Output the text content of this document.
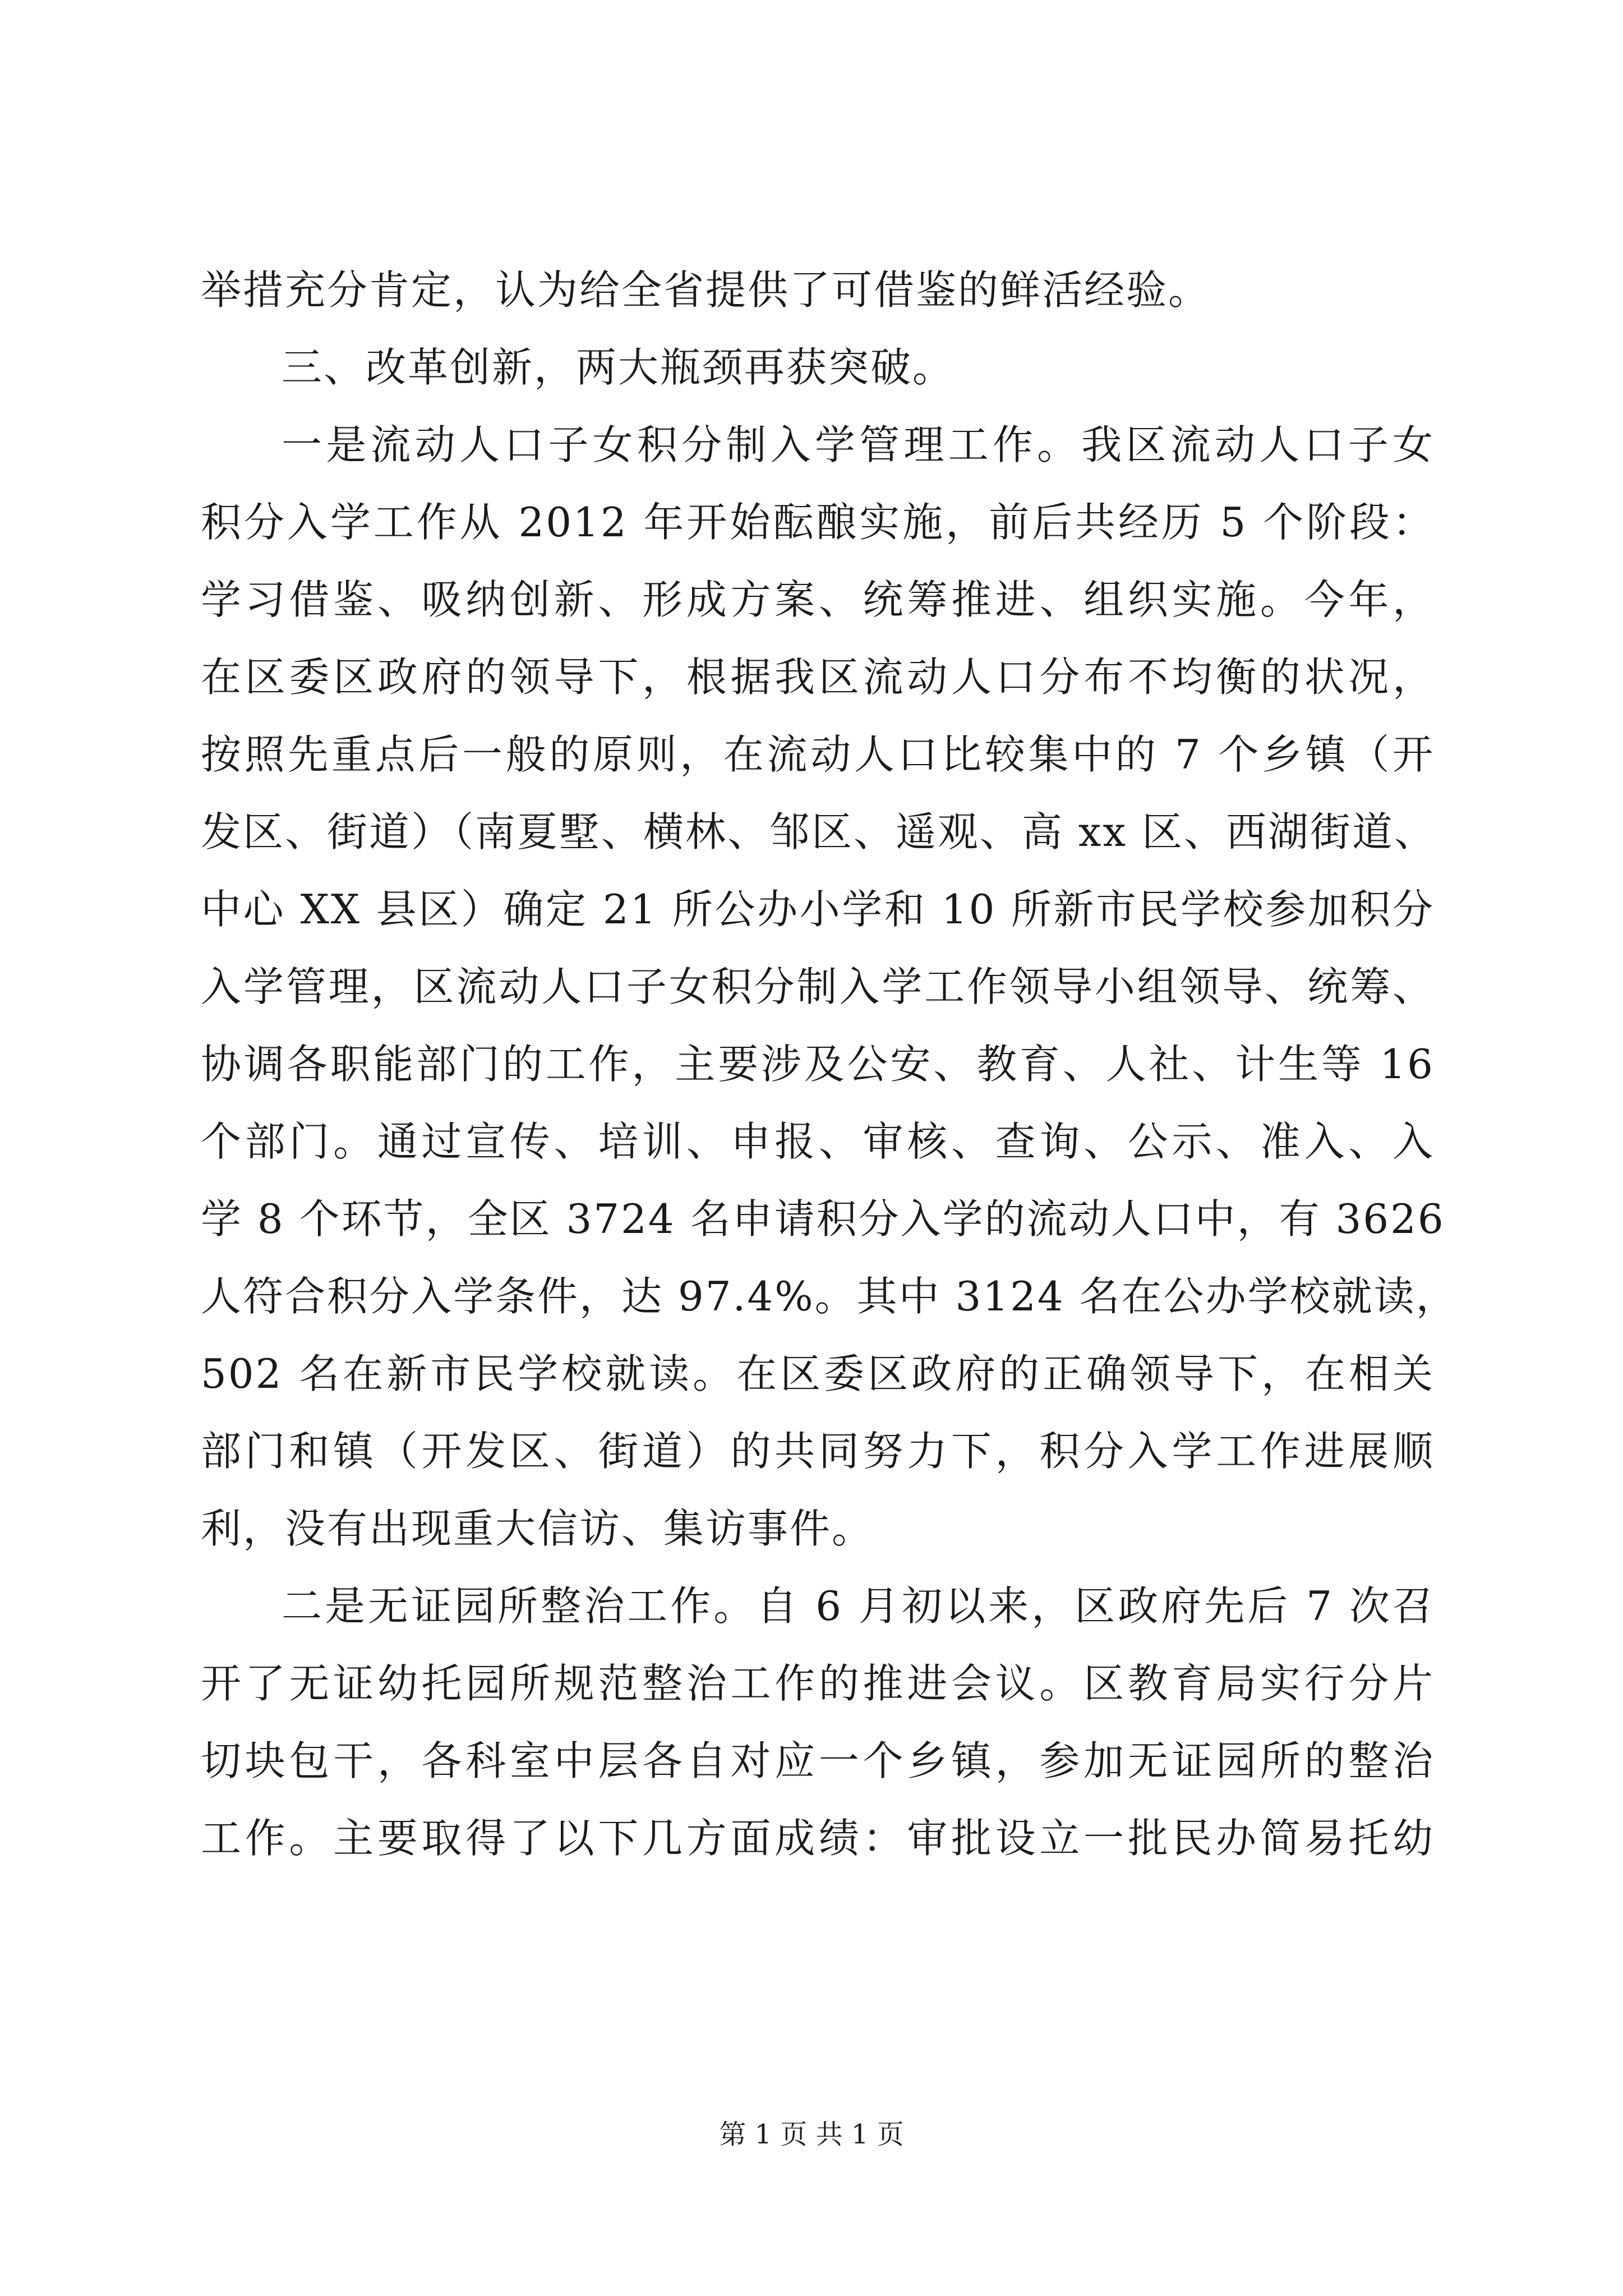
举措充分肯定，认为给全省提供了可借鉴的鲜活经验。
三、改革创新，两大瓶颈再获突破。
一是流动人口子女积分制入学管理工作。我区流动人口子女
积分入学工作从 2012 年开始酝酿实施，前后共经历 5 个阶段：
学习借鉴、吸纳创新、形成方案、统筹推进、组织实施。今年，
在区委区政府的领导下，根据我区流动人口分布不均衡的状况，
按照先重点后一般的原则，在流动人口比较集中的 7 个乡镇（开
发区、街道）（南夏墅、横林、邹区、遥观、高 xx 区、西湖街道、
中心 XX 县区）确定 21 所公办小学和 10 所新市民学校参加积分
入学管理，区流动人口子女积分制入学工作领导小组领导、统筹、
协调各职能部门的工作，主要涉及公安、教育、人社、计生等 16
个部门。通过宣传、培训、申报、审核、查询、公示、准入、入
学 8 个环节，全区 3724 名申请积分入学的流动人口中，有 3626
人符合积分入学条件，达 97.4%。其中 3124 名在公办学校就读，
502 名在新市民学校就读。在区委区政府的正确领导下，在相关
部门和镇（开发区、街道）的共同努力下，积分入学工作进展顺
利，没有出现重大信访、集访事件。
二是无证园所整治工作。自 6 月初以来，区政府先后 7 次召
开了无证幼托园所规范整治工作的推进会议。区教育局实行分片
切块包干，各科室中层各自对应一个乡镇，参加无证园所的整治
工作。主要取得了以下几方面成绩：审批设立一批民办简易托幼
第 1 页 共 1 页
